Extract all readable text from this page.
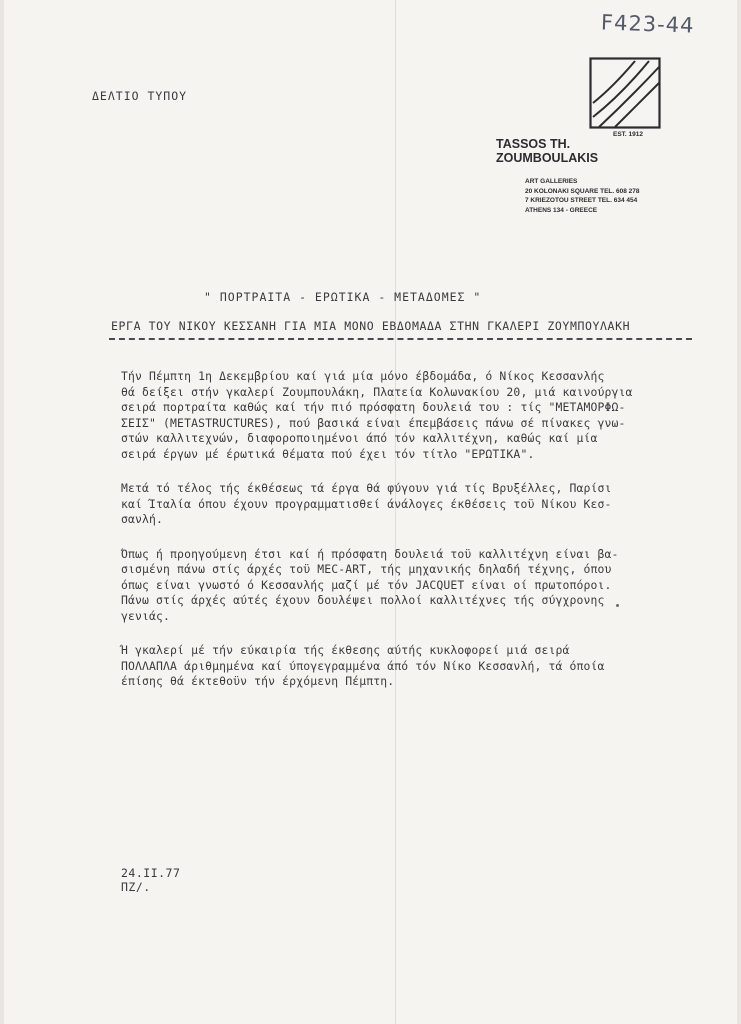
F423-44
ΔΕΛΤΙΟ ΤΥΠΟΥ
EST. 1912
TASSOS TH. ZOUMBOULAKIS
ART GALLERIES
20 KOLONAKI SQUARE TEL. 608 278
7 KRIEZOTOU STREET TEL. 634 454
ATHENS 134 - GREECE
" ΠΟΡΤΡΑΙΤΑ - ΕΡΩΤΙΚΑ - ΜΕΤΑΔΟΜΕΣ "
ΕΡΓΑ ΤΟΥ ΝΙΚΟΥ ΚΕΣΣΑΝΗ ΓΙΑ ΜΙΑ ΜΟΝΟ ΕΒΔΟΜΑΔΑ ΣΤΗΝ ΓΚΑΛΕΡΙ ΖΟΥΜΠΟΥΛΑΚΗ
Τήν Πέμπτη 1η Δεκεμβρίου καί γιά μία μόνο έβδομάδα, ό Νίκος Κεσσανλής
θά δείξει στήν γκαλερί Ζουμπουλάκη, Πλατεία Κολωνακίου 20, μιά καινούργια
σειρά πορτραίτα καθώς καί τήν πιό πρόσφατη δουλειά του : τίς "ΜΕΤΑΜΟΡΦΩ-
ΣΕΙΣ" (METASTRUCTURES), πού βασικά είναι έπεμβάσεις πάνω σέ πίνακες γνω-
στών καλλιτεχνών, διαφοροποιημένοι άπό τόν καλλιτέχνη, καθώς καί μία
σειρά έργων μέ έρωτικά θέματα πού έχει τόν τίτλο "ΕΡΩΤΙΚΑ".
Μετά τό τέλος τής έκθέσεως τά έργα θά φύγουν γιά τίς Βρυξέλλες, Παρίσι
καί Ίταλία όπου έχουν προγραμματισθεί άνάλογες έκθέσεις τοϋ Νίκου Κεσ-
σανλή.
Όπως ή προηγούμενη έτσι καί ή πρόσφατη δουλειά τοϋ καλλιτέχνη είναι βα-
σισμένη πάνω στίς άρχές τοϋ MEC-ART, τής μηχανικής δηλαδή τέχνης, όπου
όπως είναι γνωστό ό Κεσσανλής μαζί μέ τόν JACQUET είναι οί πρωτοπόροι.
Πάνω στίς άρχές αύτές έχουν δουλέψει πολλοί καλλιτέχνες τής σύγχρονης
γενιάς.
Ή γκαλερί μέ τήν εύκαιρία τής έκθεσης αύτής κυκλοφορεί μιά σειρά
ΠΟΛΛΑΠΛΑ άριθμημένα καί ύπογεγραμμένα άπό τόν Νίκο Κεσσανλή, τά όποία
έπίσης θά έκτεθοϋν τήν έρχόμενη Πέμπτη.
24.ΙΙ.77
ΠΖ/.
